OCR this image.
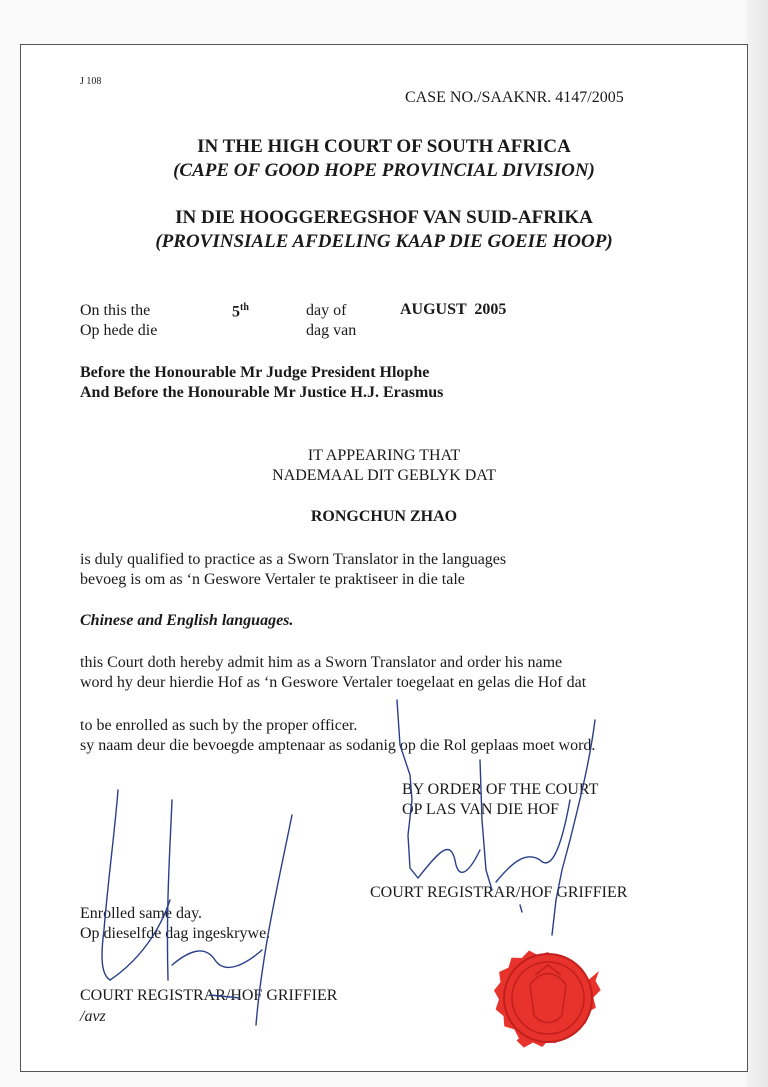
J 108
CASE NO./SAAKNR. 4147/2005
IN THE HIGH COURT OF SOUTH AFRICA
(CAPE OF GOOD HOPE PROVINCIAL DIVISION)
IN DIE HOOGGEREGSHOF VAN SUID-AFRIKA
(PROVINSIALE AFDELING KAAP DIE GOEIE HOOP)
On this the
Op hede die
5th	day of
dag van
AUGUST  2005
Before the Honourable Mr Judge President Hlophe
And Before the Honourable Mr Justice H.J. Erasmus
IT APPEARING THAT
NADEMAAL DIT GEBLYK DAT
RONGCHUN ZHAO
is duly qualified to practice as a Sworn Translator in the languages
bevoeg is om as ‘n Geswore Vertaler te praktiseer in die tale
Chinese and English languages.
this Court doth hereby admit him as a Sworn Translator and order his name
word hy deur hierdie Hof as ‘n Geswore Vertaler toegelaat en gelas die Hof dat
to be enrolled as such by the proper officer.
sy naam deur die bevoegde amptenaar as sodanig op die Rol geplaas moet word.
BY ORDER OF THE COURT
OP LAS VAN DIE HOF
COURT REGISTRAR/HOF GRIFFIER
Enrolled same day.
Op dieselfde dag ingeskrywe.
COURT REGISTRAR/HOF GRIFFIER
/avz
